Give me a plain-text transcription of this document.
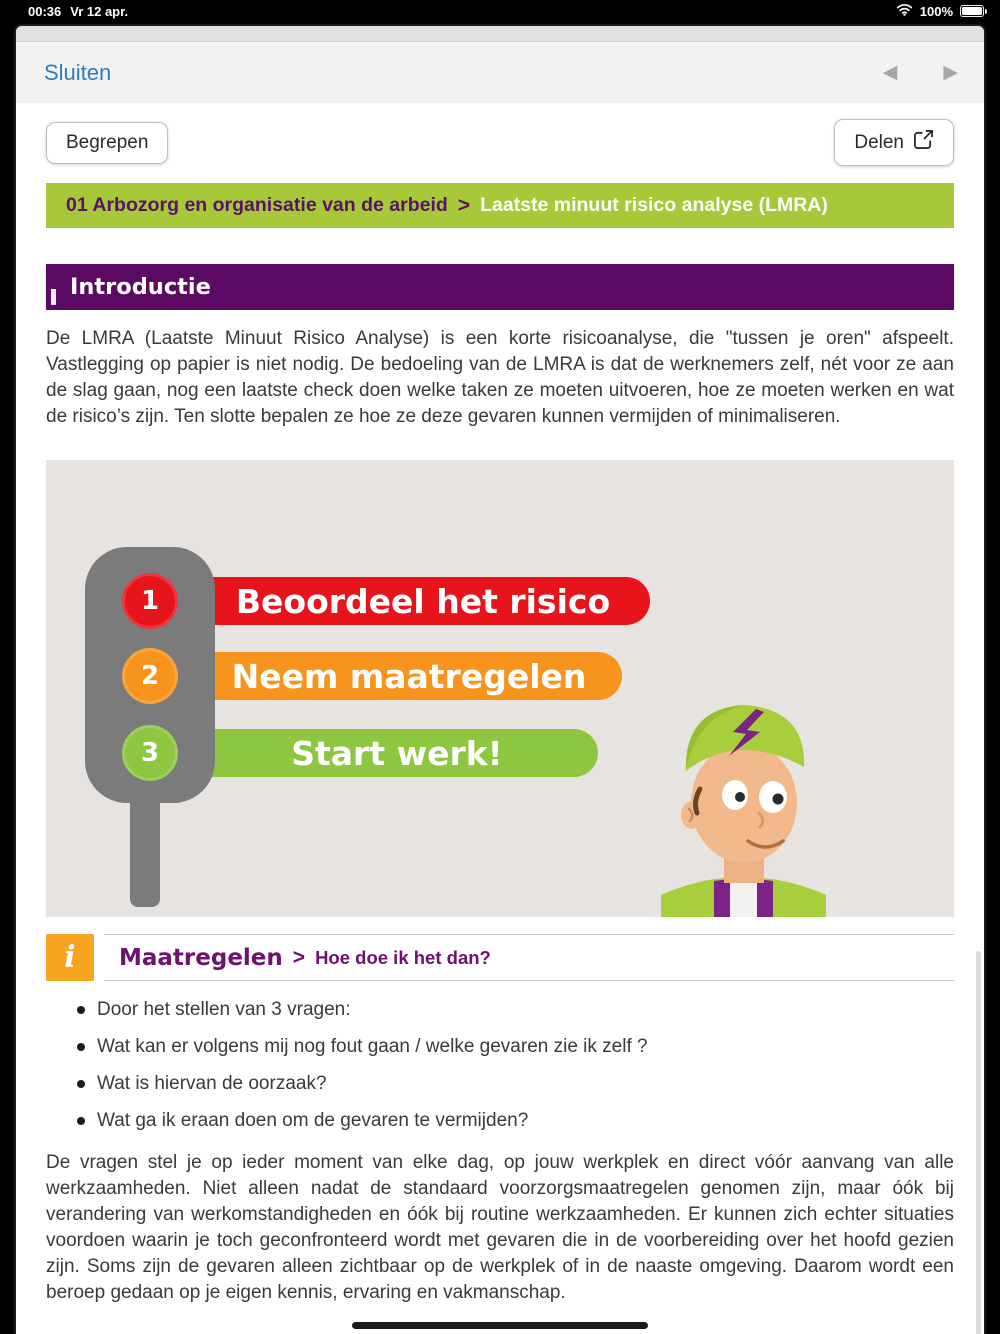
00:36 Vr 12 apr.	100%
Sluiten	◀ ▶
Begrepen	Delen
01 Arbozorg en organisatie van de arbeid > Laatste minuut risico analyse (LMRA)
Introductie

De LMRA (Laatste Minuut Risico Analyse) is een korte risicoanalyse, die "tussen je oren" afspeelt. Vastlegging op papier is niet nodig. De bedoeling van de LMRA is dat de werknemers zelf, nét voor ze aan de slag gaan, nog een laatste check doen welke taken ze moeten uitvoeren, hoe ze moeten werken en wat de risico’s zijn. Ten slotte bepalen ze hoe ze deze gevaren kunnen vermijden of minimaliseren.

Beoordeel het risico
Neem maatregelen
Start werk!
1
2
3
i	Maatregelen > Hoe doe ik het dan?
Door het stellen van 3 vragen:
Wat kan er volgens mij nog fout gaan / welke gevaren zie ik zelf ?
Wat is hiervan de oorzaak?
Wat ga ik eraan doen om de gevaren te vermijden?

De vragen stel je op ieder moment van elke dag, op jouw werkplek en direct vóór aanvang van alle werkzaamheden. Niet alleen nadat de standaard voorzorgsmaatregelen genomen zijn, maar óók bij verandering van werkomstandigheden en óók bij routine werkzaamheden. Er kunnen zich echter situaties voordoen waarin je toch geconfronteerd wordt met gevaren die in de voorbereiding over het hoofd gezien zijn. Soms zijn de gevaren alleen zichtbaar op de werkplek of in de naaste omgeving. Daarom wordt een beroep gedaan op je eigen kennis, ervaring en vakmanschap.
